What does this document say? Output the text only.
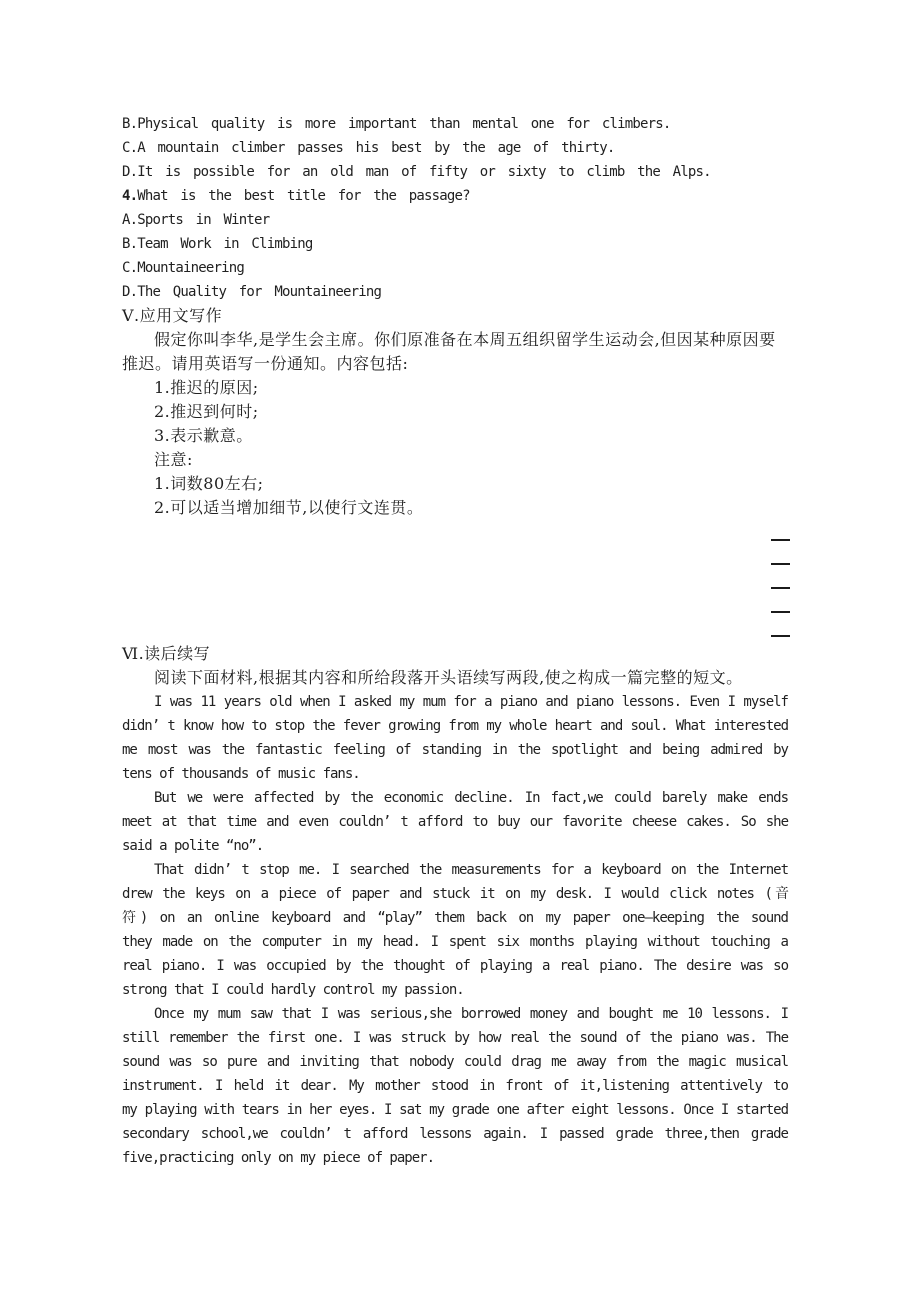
B.Physical quality is more important than mental one for climbers.
C.A mountain climber passes his best by the age of thirty.
D.It is possible for an old man of fifty or sixty to climb the Alps.
4.What is the best title for the passage?
A.Sports in Winter
B.Team Work in Climbing
C.Mountaineering
D.The Quality for Mountaineering
Ⅴ.应用文写作
假定你叫李华,是学生会主席。你们原准备在本周五组织留学生运动会,但因某种原因要
推迟。请用英语写一份通知。内容包括:
1.推迟的原因;
2.推迟到何时;
3.表示歉意。
注意:
1.词数80左右;
2.可以适当增加细节,以使行文连贯。
Ⅵ.读后续写
阅读下面材料,根据其内容和所给段落开头语续写两段,使之构成一篇完整的短文。
I was 11 years old when I asked my mum for a piano and piano lessons. Even I myself
didn’ t know how to stop the fever growing from my whole heart and soul. What interested
me most was the fantastic feeling of standing in the spotlight and being admired by
tens of thousands of music fans.
But we were affected by the economic decline. In fact,we could barely make ends
meet at that time and even couldn’ t afford to buy our favorite cheese cakes. So she
said a polite “no”.
That didn’ t stop me. I searched the measurements for a keyboard on the Internet
drew the keys on a piece of paper and stuck it on my desk. I would click notes (音
符) on an online keyboard and “play” them back on my paper one—keeping the sound
they made on the computer in my head. I spent six months playing without touching a
real piano. I was occupied by the thought of playing a real piano. The desire was so
strong that I could hardly control my passion.
Once my mum saw that I was serious,she borrowed money and bought me 10 lessons. I
still remember the first one. I was struck by how real the sound of the piano was. The
sound was so pure and inviting that nobody could drag me away from the magic musical
instrument. I held it dear. My mother stood in front of it,listening attentively to
my playing with tears in her eyes. I sat my grade one after eight lessons. Once I started
secondary school,we couldn’ t afford lessons again. I passed grade three,then grade
five,practicing only on my piece of paper.
